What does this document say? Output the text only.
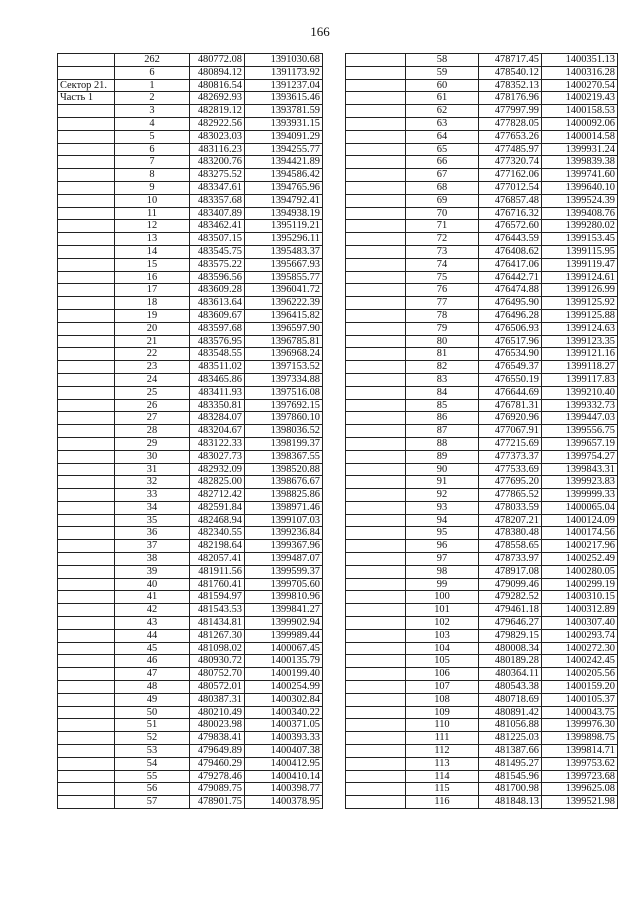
166
	262	480772.08	1391030.68
	6	480894.12	1391173.92
Сектор 21.	1	480816.54	1391237.04
Часть 1	2	482692.93	1393615.46
	3	482819.12	1393781.59
	4	482922.56	1393931.15
	5	483023.03	1394091.29
	6	483116.23	1394255.77
	7	483200.76	1394421.89
	8	483275.52	1394586.42
	9	483347.61	1394765.96
	10	483357.68	1394792.41
	11	483407.89	1394938.19
	12	483462.41	1395119.21
	13	483507.15	1395296.11
	14	483545.75	1395483.37
	15	483575.22	1395667.93
	16	483596.56	1395855.77
	17	483609.28	1396041.72
	18	483613.64	1396222.39
	19	483609.67	1396415.82
	20	483597.68	1396597.90
	21	483576.95	1396785.81
	22	483548.55	1396968.24
	23	483511.02	1397153.52
	24	483465.86	1397334.88
	25	483411.93	1397516.08
	26	483350.81	1397692.15
	27	483284.07	1397860.10
	28	483204.67	1398036.52
	29	483122.33	1398199.37
	30	483027.73	1398367.55
	31	482932.09	1398520.88
	32	482825.00	1398676.67
	33	482712.42	1398825.86
	34	482591.84	1398971.46
	35	482468.94	1399107.03
	36	482340.55	1399236.84
	37	482198.64	1399367.96
	38	482057.41	1399487.07
	39	481911.56	1399599.37
	40	481760.41	1399705.60
	41	481594.97	1399810.96
	42	481543.53	1399841.27
	43	481434.81	1399902.94
	44	481267.30	1399989.44
	45	481098.02	1400067.45
	46	480930.72	1400135.79
	47	480752.70	1400199.40
	48	480572.01	1400254.99
	49	480387.31	1400302.84
	50	480210.49	1400340.22
	51	480023.98	1400371.05
	52	479838.41	1400393.33
	53	479649.89	1400407.38
	54	479460.29	1400412.95
	55	479278.46	1400410.14
	56	479089.75	1400398.77
	57	478901.75	1400378.95
	58	478717.45	1400351.13
	59	478540.12	1400316.28
	60	478352.13	1400270.54
	61	478176.96	1400219.43
	62	477997.99	1400158.53
	63	477828.05	1400092.06
	64	477653.26	1400014.58
	65	477485.97	1399931.24
	66	477320.74	1399839.38
	67	477162.06	1399741.60
	68	477012.54	1399640.10
	69	476857.48	1399524.39
	70	476716.32	1399408.76
	71	476572.60	1399280.02
	72	476443.59	1399153.45
	73	476408.62	1399115.95
	74	476417.06	1399119.47
	75	476442.71	1399124.61
	76	476474.88	1399126.99
	77	476495.90	1399125.92
	78	476496.28	1399125.88
	79	476506.93	1399124.63
	80	476517.96	1399123.35
	81	476534.90	1399121.16
	82	476549.37	1399118.27
	83	476550.19	1399117.83
	84	476644.69	1399210.40
	85	476781.31	1399332.73
	86	476920.96	1399447.03
	87	477067.91	1399556.75
	88	477215.69	1399657.19
	89	477373.37	1399754.27
	90	477533.69	1399843.31
	91	477695.20	1399923.83
	92	477865.52	1399999.33
	93	478033.59	1400065.04
	94	478207.21	1400124.09
	95	478380.48	1400174.56
	96	478558.65	1400217.96
	97	478733.97	1400252.49
	98	478917.08	1400280.05
	99	479099.46	1400299.19
	100	479282.52	1400310.15
	101	479461.18	1400312.89
	102	479646.27	1400307.40
	103	479829.15	1400293.74
	104	480008.34	1400272.30
	105	480189.28	1400242.45
	106	480364.11	1400205.56
	107	480543.38	1400159.20
	108	480718.69	1400105.37
	109	480891.42	1400043.75
	110	481056.88	1399976.30
	111	481225.03	1399898.75
	112	481387.66	1399814.71
	113	481495.27	1399753.62
	114	481545.96	1399723.68
	115	481700.98	1399625.08
	116	481848.13	1399521.98
